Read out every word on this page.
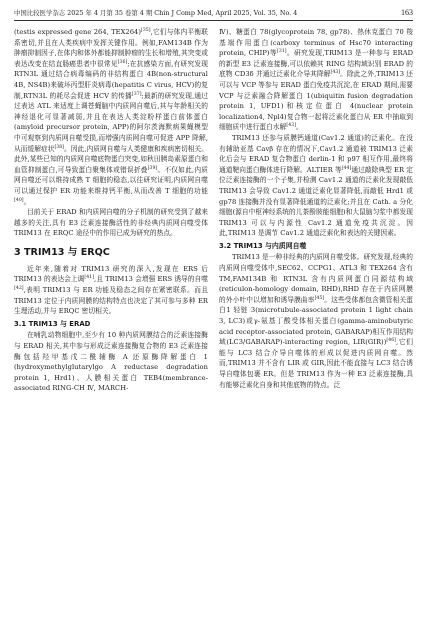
中国比较医学杂志 2025 年 4 月第 35 卷第 4 期 Chin J Comp Med, April 2025, Vol. 35, No. 4	163

(testis expressed gene 264, TEX264)[35],它们与体内平衡联系密切,并且在人类疾病中发挥关键作用。例如,FAM134B 作为肿瘤抑制因子,在体内和体外都能抑制肿瘤的生长和增殖,其突变或表达改变在结直肠癌患者中很常见[36];在抗感染方面,有研究发现 RTN3L 通过结合病毒编码的非结构蛋白 4B(non-structural 4B, NS4B)来破坏丙型肝炎病毒(hepatitis C virus, HCV)的复制,RTN3L 的耗尽会促进 HCV 的传播[37];最新的研究发现,通过过表达 ATL 来适度上调苍蝇脑中内质网自噬后,其与年龄相关的神经退化可显著减弱,并且在表达人类淀粉样蛋白前体蛋白(amyloid precursor protein, APP)的阿尔茨海默病果蝇模型中可观察到内质网自噬受损,而增强内质网自噬可促进 APP 降解,从而缓解症状[38]。因此,内质网自噬与人类健康和疾病密切相关。此外,某些已知的内质网自噬底物蛋白突变,如秋田胰岛素原蛋白和血管抑制蛋白,可导致蛋白聚集体或错误折叠[39]。不仅如此,内质网自噬还可以维持成熟 T 细胞的稳态,以往研究证明,内质网自噬可以通过保护 ER 功能来维持钙平衡,从而改善 T 细胞的功能[40]。

目前关于 ERAD 和内质网自噬的分子机制的研究受到了越来越多的关注,具有 E3 泛素连接酶活性的非经典内质网自噬受体 TRIM13 在 ERQC 途径中的作用已成为研究的热点。

3 TRIM13 与 ERQC

近年来,随着对 TRIM13 研究的深入,发现在 ERS 后 TRIM13 的表达会上调[41],且 TRIM13 会增强 ERS 诱导的自噬[42],表明 TRIM13 与 ER 功能及稳态之间存在紧密联系。而且 TRIM13 定位于内质网膜的结构特点也决定了其可参与多种 ER 生理活动,并与 ERQC 密切相关。

3.1 TRIM13 与 ERAD

在哺乳动物细胞中,至少有 10 种内质网膜结合的泛素连接酶与 ERAD 相关,其中参与形成泛素连接酶复合物的 E3 泛素连接酶包括羟甲基戊二酰辅酶 A 还原酶降解蛋白 1 (hydroxymethylglutarylgo A reductase degradation protein 1, Hrd1)、人膜相关蛋白 TEB4(membrance-associated RING-CH Ⅳ, MARCH-

Ⅳ)、糖蛋白 78(glycoprotein 78, gp78)、热休克蛋白 70 羧基端作用蛋白(carboxy terminus of Hsc70 interacting protein, CHIP)等[31]。研究发现,TRIM13 是一种参与 ERAD 的新型 E3 泛素连接酶,可以依赖其 RING 结构域识别 ERAD 的底物 CD3δ 并通过泛素化介导其降解[43]。除此之外,TRIM13 还可以与 VCP 等参与 ERAD 蛋白免疫共沉淀,在 ERAD 期间,需要 VCP 与泛素融合降解蛋白 1(ubiquitin fusion degradation protein 1, UFD1)和核定位蛋白 4(nuclear protein localization4, Npl4)复合物一起将泛素化蛋白从 ER 中抽取到细胞质中进行蛋白水解[43]。

TRIM13 还参与质膜钙通道(Cav1.2 通道)的泛素化。在没有辅助亚基 Cavβ 存在的情况下,Cav1.2 通道被 TRIM13 泛素化后会与 ERAD 复合物蛋白 derlin-1 和 p97 相互作用,最终将通道靶向蛋白酶体进行降解。ALTIER 等[44]通过敲除典型 ER 定位泛素连接酶的一个子集,并检测 Cav1.2 通道的泛素化发现敲低 TRIM13 会导致 Cav1.2 通道泛素化显著降低,而敲低 Hrd1 或 gp78 连接酶并没有显著降低通道的泛素化;并且在 Cath. a 分化细胞(源自中枢神经系统的儿茶酚胺能细胞)和大鼠脑匀浆中都发现 TRIM13 可以与内源性 Cav1.2 通道免疫共沉淀。因此,TRIM13 是调节 Cav1.2 通道泛素化和表达的关键因素。

3.2 TRIM13 与内质网自噬

TRIM13 是一种非经典的内质网自噬受体。研究发现,经典的内质网自噬受体中,SEC62、CCPG1、ATL3 和 TEX264 含有 TM,FAM134B 和 RTN3L 含有内质网蛋白同源结构域(reticulon-homology domain, RHD),RHD 存在于内质网膜的外小叶中以增加和诱导膜曲率[45]。这些受体都包含微管相关蛋白1 轻链 3(microtubule-associated protein 1 light chain 3, LC3)或γ-氨基丁酸受体相关蛋白(gamma-aminobutyric acid receptor-associated protein, GABARAP)相互作用结构域(LC3/GABARAP)-interacting region, LIR(GIR))[46],它们能与 LC3 结合介导自噬体的形成以促进内质网自噬。然而,TRIM13 并不含有 LIR 或 GIR,因此不能直接与 LC3 结合诱导自噬体包裹 ER。但是 TRIM13 作为一种 E3 泛素连接酶,具有能够泛素化自身和其他底物的特点。泛
